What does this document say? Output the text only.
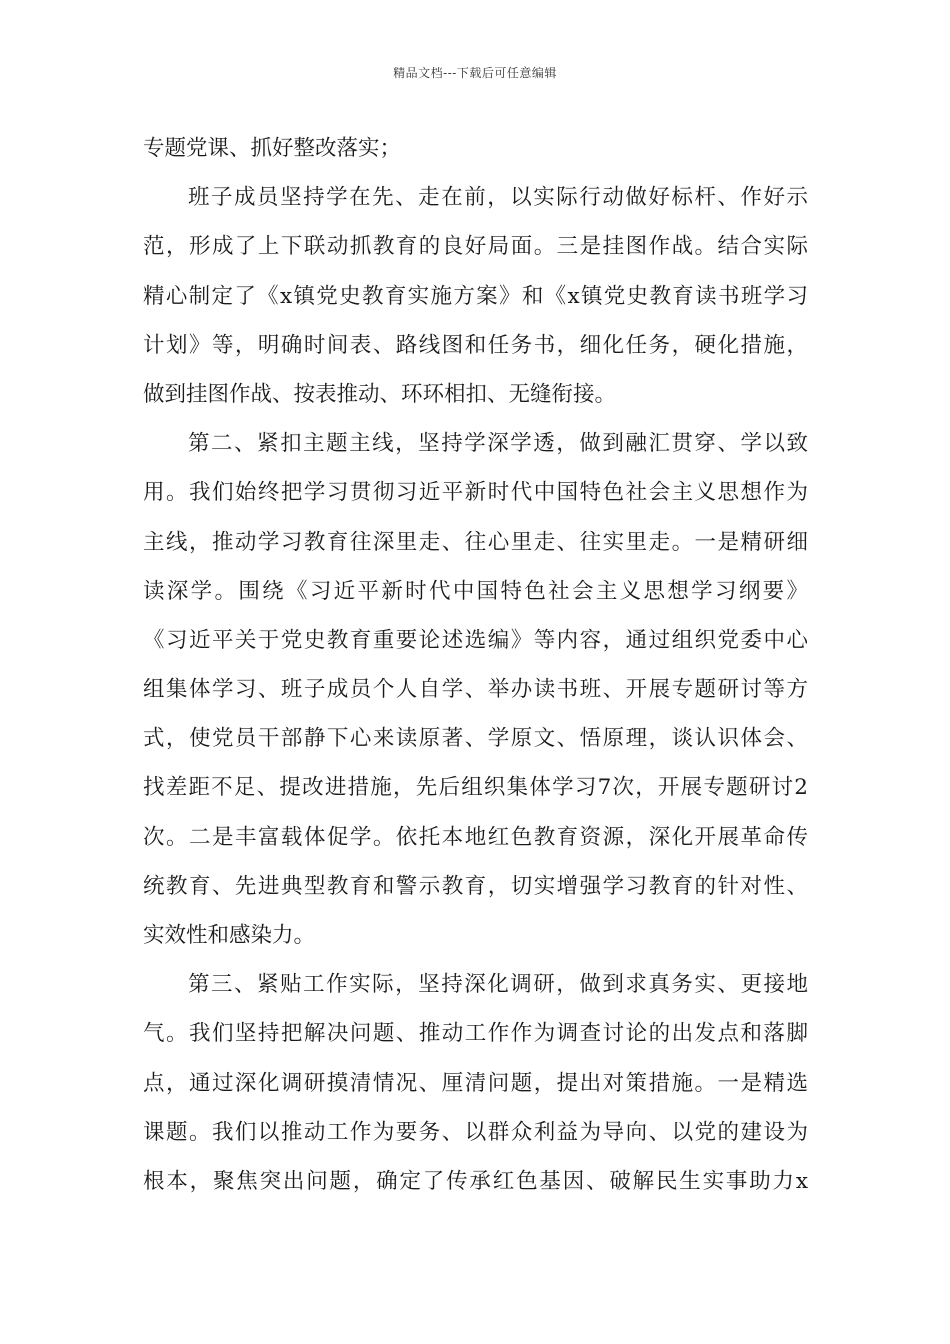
精品文档---下载后可任意编辑
专题党课、抓好整改落实；
班子成员坚持学在先、走在前，以实际行动做好标杆、作好示
范，形成了上下联动抓教育的良好局面。三是挂图作战。结合实际
精心制定了《x镇党史教育实施方案》和《x镇党史教育读书班学习
计划》等，明确时间表、路线图和任务书，细化任务，硬化措施，
做到挂图作战、按表推动、环环相扣、无缝衔接。
第二、紧扣主题主线，坚持学深学透，做到融汇贯穿、学以致
用。我们始终把学习贯彻习近平新时代中国特色社会主义思想作为
主线，推动学习教育往深里走、往心里走、往实里走。一是精研细
读深学。围绕《习近平新时代中国特色社会主义思想学习纲要》
《习近平关于党史教育重要论述选编》等内容，通过组织党委中心
组集体学习、班子成员个人自学、举办读书班、开展专题研讨等方
式，使党员干部静下心来读原著、学原文、悟原理，谈认识体会、
找差距不足、提改进措施，先后组织集体学习7次，开展专题研讨2
次。二是丰富载体促学。依托本地红色教育资源，深化开展革命传
统教育、先进典型教育和警示教育，切实增强学习教育的针对性、
实效性和感染力。
第三、紧贴工作实际，坚持深化调研，做到求真务实、更接地
气。我们坚持把解决问题、推动工作作为调查讨论的出发点和落脚
点，通过深化调研摸清情况、厘清问题，提出对策措施。一是精选
课题。我们以推动工作为要务、以群众利益为导向、以党的建设为
根本，聚焦突出问题，确定了传承红色基因、破解民生实事助力x
